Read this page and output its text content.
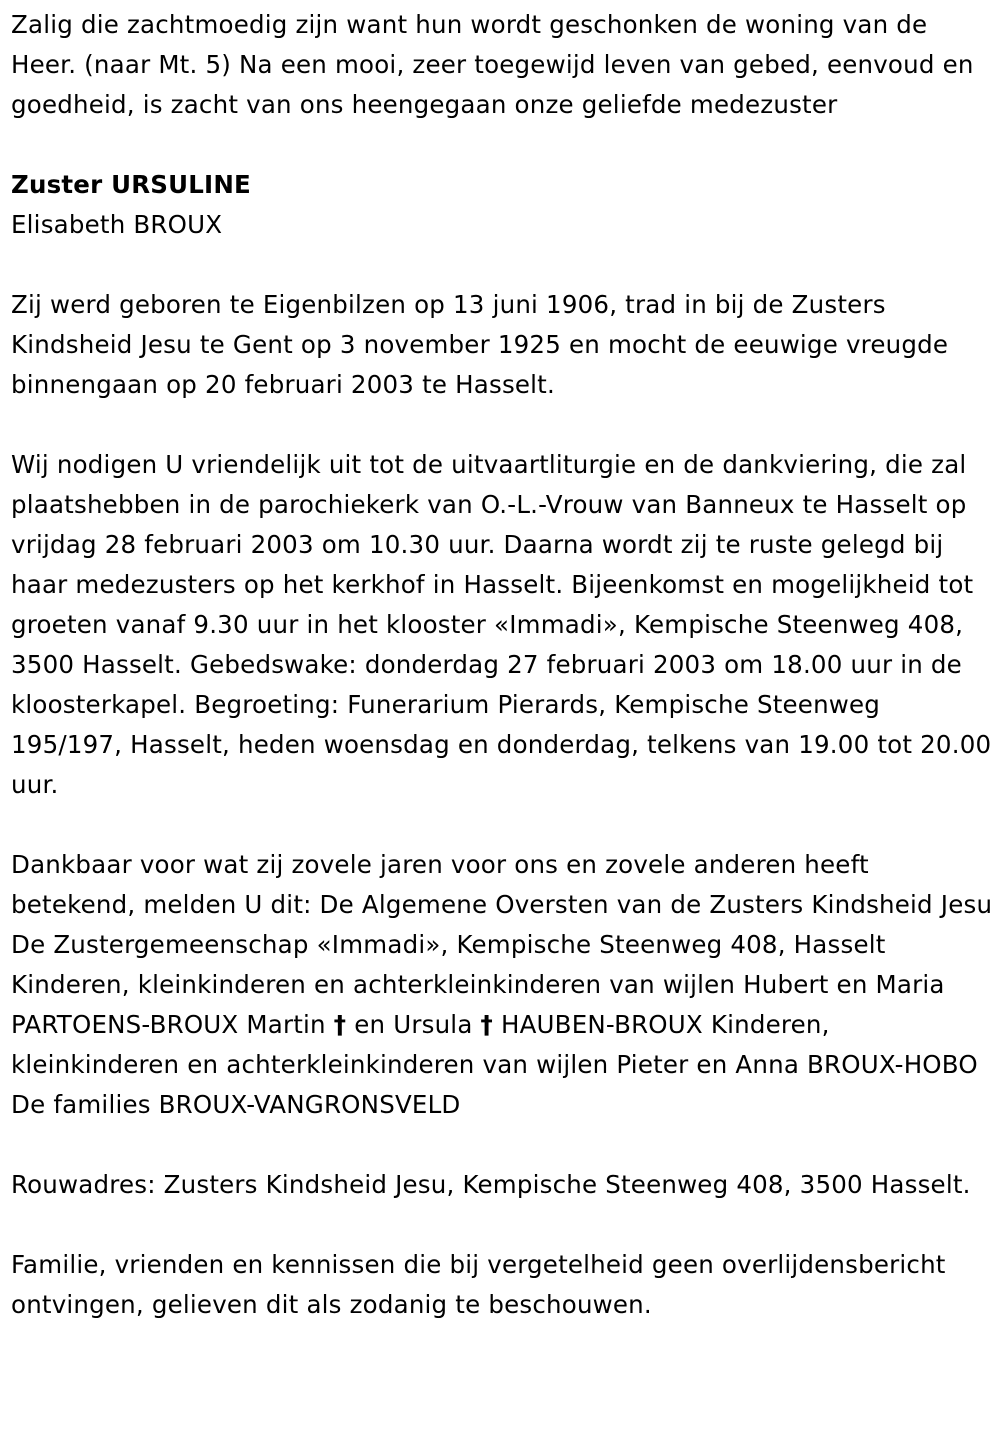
Zalig die zachtmoedig zijn want hun wordt geschonken de woning van de Heer. (naar Mt. 5) Na een mooi, zeer toegewijd leven van gebed, eenvoud en goedheid, is zacht van ons heengegaan onze geliefde medezuster

Zuster URSULINE

Elisabeth BROUX

Zij werd geboren te Eigenbilzen op 13 juni 1906, trad in bij de Zusters Kindsheid Jesu te Gent op 3 november 1925 en mocht de eeuwige vreugde binnengaan op 20 februari 2003 te Hasselt.

Wij nodigen U vriendelijk uit tot de uitvaartliturgie en de dankviering, die zal plaatshebben in de parochiekerk van O.-L.-Vrouw van Banneux te Hasselt op vrijdag 28 februari 2003 om 10.30 uur. Daarna wordt zij te ruste gelegd bij haar medezusters op het kerkhof in Hasselt. Bijeenkomst en mogelijkheid tot groeten vanaf 9.30 uur in het klooster «Immadi», Kempische Steenweg 408, 3500 Hasselt. Gebedswake: donderdag 27 februari 2003 om 18.00 uur in de kloosterkapel. Begroeting: Funerarium Pierards, Kempische Steenweg 195/197, Hasselt, heden woensdag en donderdag, telkens van 19.00 tot 20.00 uur.

Dankbaar voor wat zij zovele jaren voor ons en zovele anderen heeft betekend, melden U dit: De Algemene Oversten van de Zusters Kindsheid Jesu De Zustergemeenschap «Immadi», Kempische Steenweg 408, Hasselt Kinderen, kleinkinderen en achterkleinkinderen van wijlen Hubert en Maria PARTOENS-BROUX Martin † en Ursula † HAUBEN-BROUX Kinderen, kleinkinderen en achterkleinkinderen van wijlen Pieter en Anna BROUX-HOBO De families BROUX-VANGRONSVELD

Rouwadres: Zusters Kindsheid Jesu, Kempische Steenweg 408, 3500 Hasselt.

Familie, vrienden en kennissen die bij vergetelheid geen overlijdensbericht ontvingen, gelieven dit als zodanig te beschouwen.
